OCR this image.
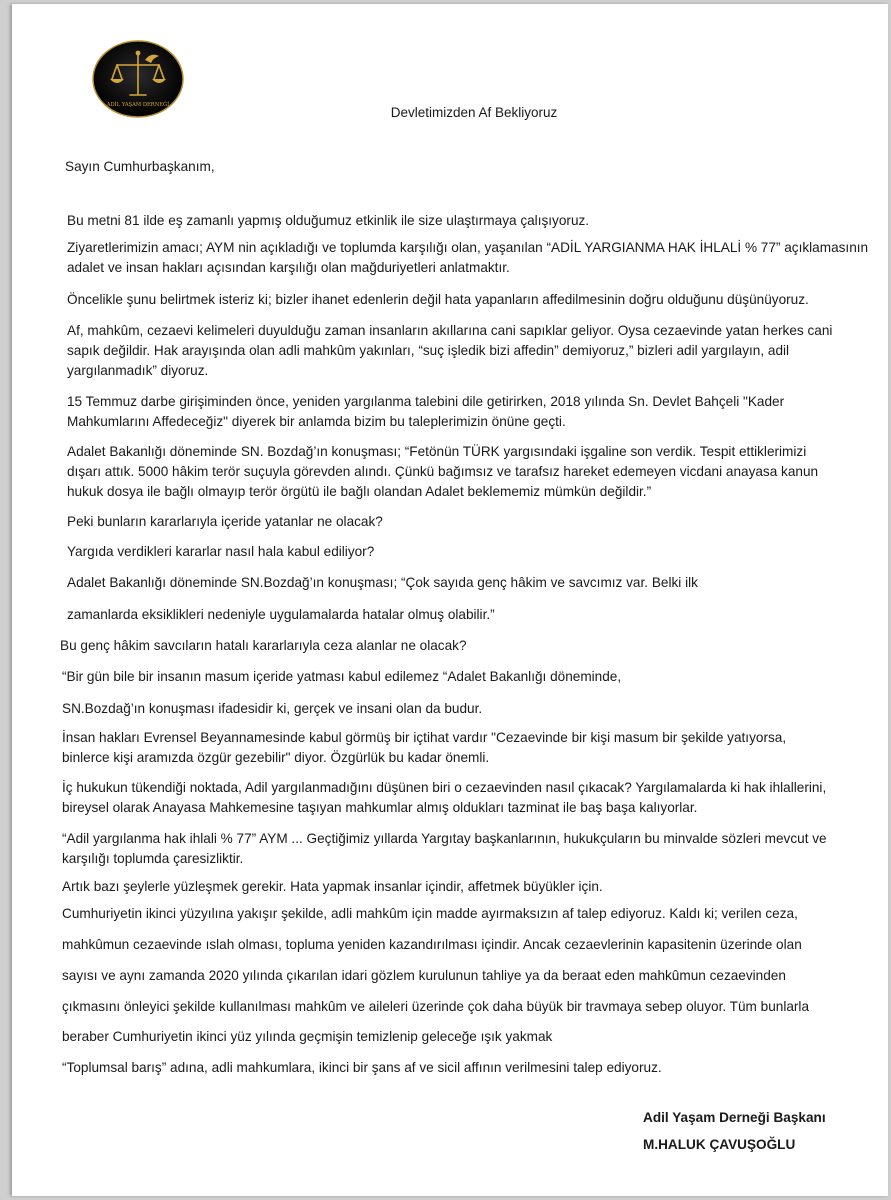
ADİL YAŞAM DERNEĞİ	Devletimizden Af Bekliyoruz
Sayın Cumhurbaşkanım,
Bu metni 81 ilde eş zamanlı yapmış olduğumuz etkinlik ile size ulaştırmaya çalışıyoruz.
Ziyaretlerimizin amacı; AYM nin açıkladığı ve toplumda karşılığı olan, yaşanılan “ADİL YARGIANMA HAK İHLALİ % 77” açıklamasının
adalet ve insan hakları açısından karşılığı olan mağduriyetleri anlatmaktır.
Öncelikle şunu belirtmek isteriz ki; bizler ihanet edenlerin değil hata yapanların affedilmesinin doğru olduğunu düşünüyoruz.
Af, mahkûm, cezaevi kelimeleri duyulduğu zaman insanların akıllarına cani sapıklar geliyor. Oysa cezaevinde yatan herkes cani
sapık değildir. Hak arayışında olan adli mahkûm yakınları, “suç işledik bizi affedin” demiyoruz,” bizleri adil yargılayın, adil
yargılanmadık” diyoruz.
15 Temmuz darbe girişiminden önce, yeniden yargılanma talebini dile getirirken, 2018 yılında Sn. Devlet Bahçeli "Kader
Mahkumlarını Affedeceğiz" diyerek bir anlamda bizim bu taleplerimizin önüne geçti.
Adalet Bakanlığı döneminde SN. Bozdağ’ın konuşması; “Fetönün TÜRK yargısındaki işgaline son verdik. Tespit ettiklerimizi
dışarı attık. 5000 hâkim terör suçuyla görevden alındı. Çünkü bağımsız ve tarafsız hareket edemeyen vicdani anayasa kanun
hukuk dosya ile bağlı olmayıp terör örgütü ile bağlı olandan Adalet beklememiz mümkün değildir.”
Peki bunların kararlarıyla içeride yatanlar ne olacak?
Yargıda verdikleri kararlar nasıl hala kabul ediliyor?
Adalet Bakanlığı döneminde SN.Bozdağ’ın konuşması; “Çok sayıda genç hâkim ve savcımız var. Belki ilk
zamanlarda eksiklikleri nedeniyle uygulamalarda hatalar olmuş olabilir.”
Bu genç hâkim savcıların hatalı kararlarıyla ceza alanlar ne olacak?
“Bir gün bile bir insanın masum içeride yatması kabul edilemez “Adalet Bakanlığı döneminde,
SN.Bozdağ’ın konuşması ifadesidir ki, gerçek ve insani olan da budur.
İnsan hakları Evrensel Beyannamesinde kabul görmüş bir içtihat vardır "Cezaevinde bir kişi masum bir şekilde yatıyorsa,
binlerce kişi aramızda özgür gezebilir" diyor. Özgürlük bu kadar önemli.
İç hukukun tükendiği noktada, Adil yargılanmadığını düşünen biri o cezaevinden nasıl çıkacak? Yargılamalarda ki hak ihlallerini,
bireysel olarak Anayasa Mahkemesine taşıyan mahkumlar almış oldukları tazminat ile baş başa kalıyorlar.
“Adil yargılanma hak ihlali % 77” AYM ... Geçtiğimiz yıllarda Yargıtay başkanlarının, hukukçuların bu minvalde sözleri mevcut ve
karşılığı toplumda çaresizliktir.
Artık bazı şeylerle yüzleşmek gerekir. Hata yapmak insanlar içindir, affetmek büyükler için.
Cumhuriyetin ikinci yüzyılına yakışır şekilde, adli mahkûm için madde ayırmaksızın af talep ediyoruz. Kaldı ki; verilen ceza,
mahkûmun cezaevinde ıslah olması, topluma yeniden kazandırılması içindir. Ancak cezaevlerinin kapasitenin üzerinde olan
sayısı ve aynı zamanda 2020 yılında çıkarılan idari gözlem kurulunun tahliye ya da beraat eden mahkûmun cezaevinden
çıkmasını önleyici şekilde kullanılması mahkûm ve aileleri üzerinde çok daha büyük bir travmaya sebep oluyor. Tüm bunlarla
beraber Cumhuriyetin ikinci yüz yılında geçmişin temizlenip geleceğe ışık yakmak
“Toplumsal barış” adına, adli mahkumlara, ikinci bir şans af ve sicil affının verilmesini talep ediyoruz.
Adil Yaşam Derneği Başkanı
M.HALUK ÇAVUŞOĞLU
